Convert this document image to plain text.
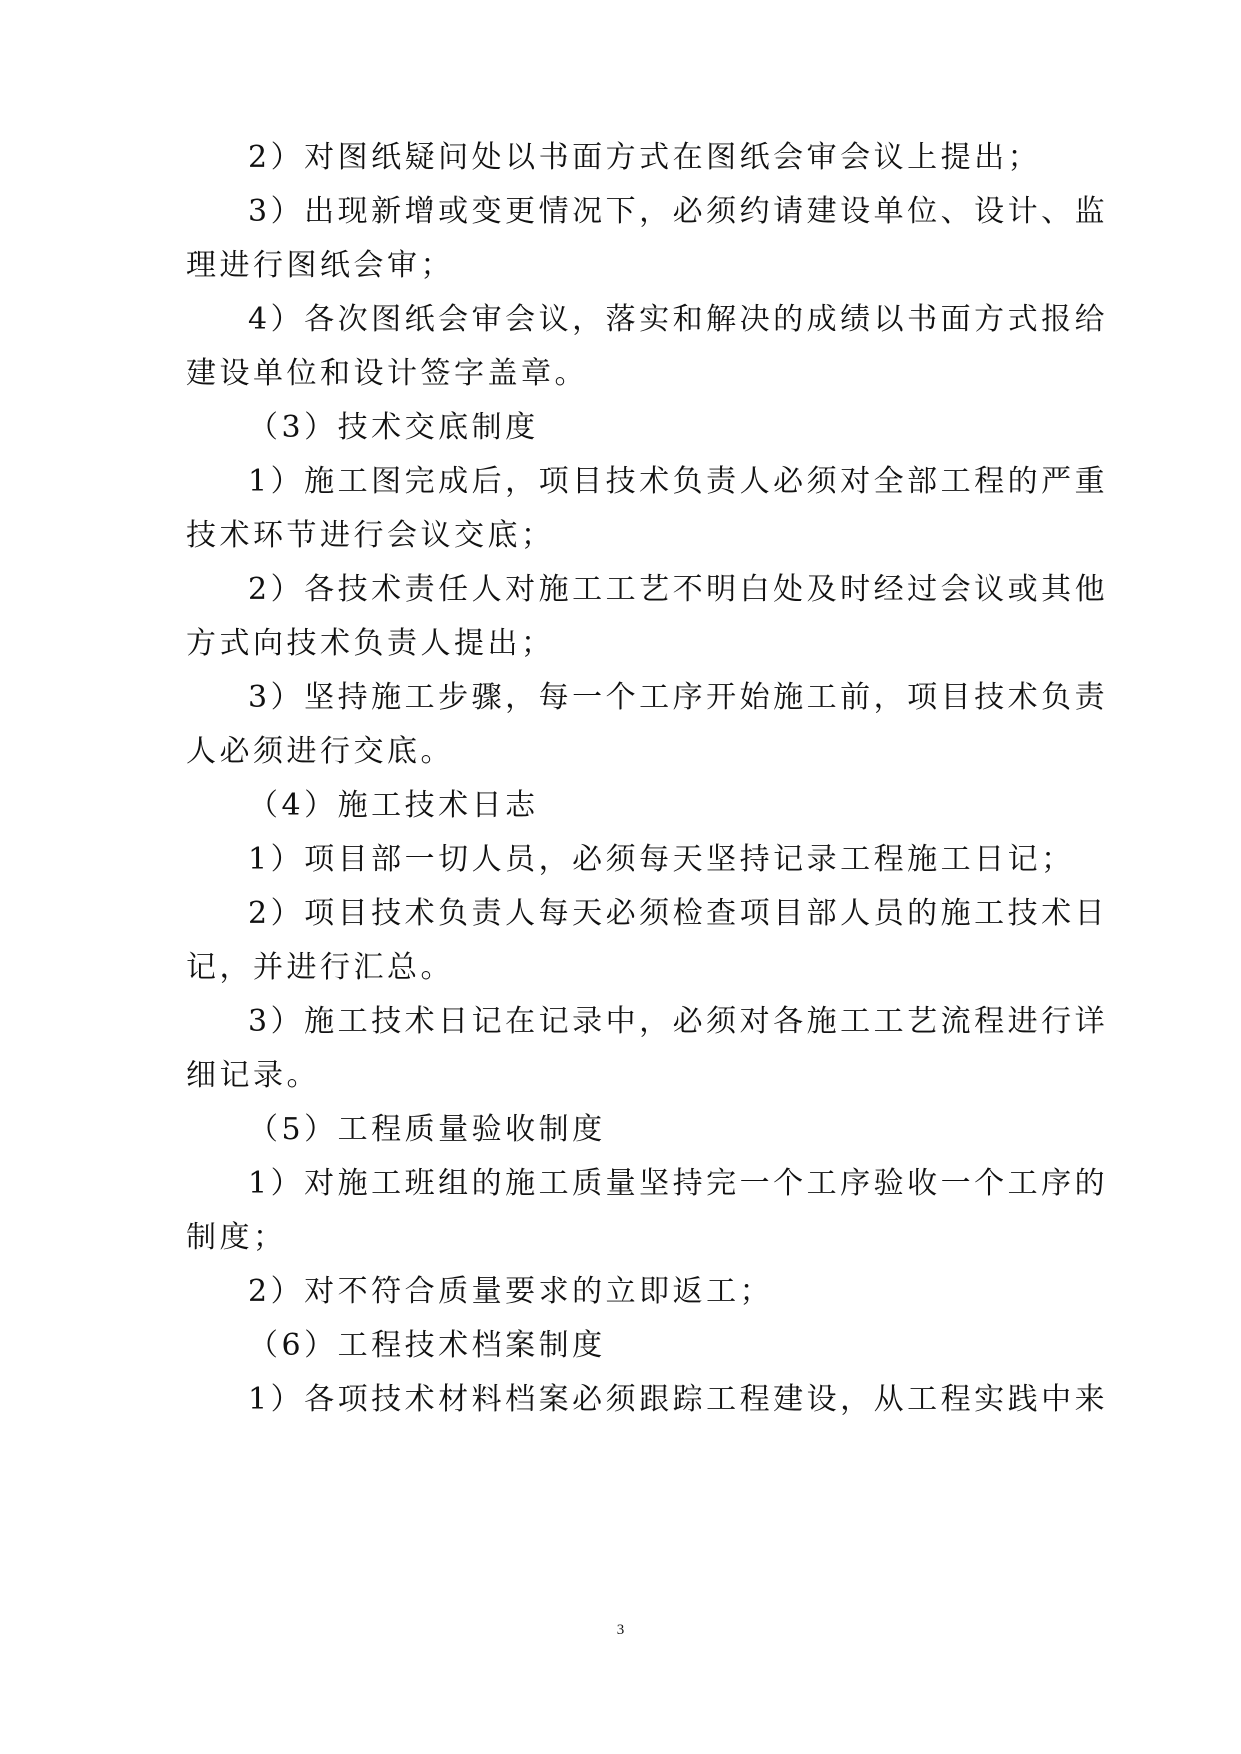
2）对图纸疑问处以书面方式在图纸会审会议上提出；

3）出现新增或变更情况下，必须约请建设单位、设计、监

理进行图纸会审；

4）各次图纸会审会议，落实和解决的成绩以书面方式报给

建设单位和设计签字盖章。

（3）技术交底制度

1）施工图完成后，项目技术负责人必须对全部工程的严重

技术环节进行会议交底；

2）各技术责任人对施工工艺不明白处及时经过会议或其他

方式向技术负责人提出；

3）坚持施工步骤，每一个工序开始施工前，项目技术负责

人必须进行交底。

（4）施工技术日志

1）项目部一切人员，必须每天坚持记录工程施工日记；

2）项目技术负责人每天必须检查项目部人员的施工技术日

记，并进行汇总。

3）施工技术日记在记录中，必须对各施工工艺流程进行详

细记录。

（5）工程质量验收制度

1）对施工班组的施工质量坚持完一个工序验收一个工序的

制度；

2）对不符合质量要求的立即返工；

（6）工程技术档案制度

1）各项技术材料档案必须跟踪工程建设，从工程实践中来

3
